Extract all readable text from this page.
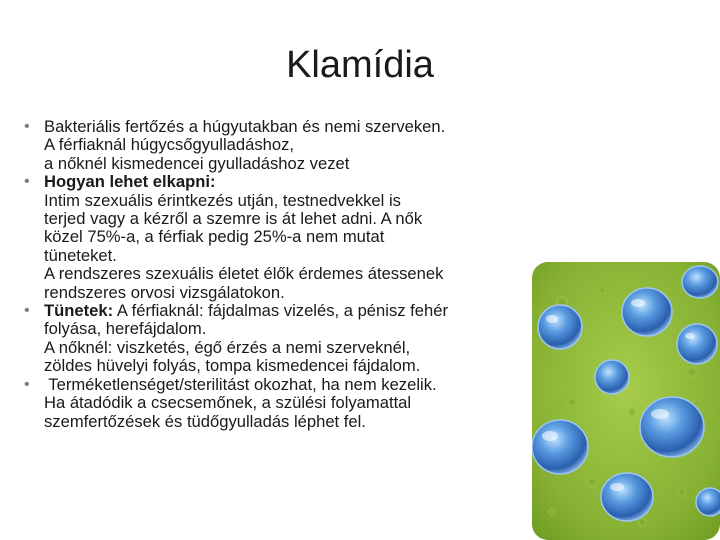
Klamídia
• Bakteriális fertőzés a húgyutakban és nemi szerveken.
A férfiaknál húgycsőgyulladáshoz,
a nőknél kismedencei gyulladáshoz vezet
• Hogyan lehet elkapni:
Intim szexuális érintkezés utján, testnedvekkel is
terjed vagy a kézről a szemre is át lehet adni. A nők
közel 75%-a, a férfiak pedig 25%-a nem mutat
tüneteket.
A rendszeres szexuális életet élők érdemes átessenek
rendszeres orvosi vizsgálatokon.
• Tünetek: A férfiaknál: fájdalmas vizelés, a pénisz fehér
folyása, herefájdalom.
A nőknél: viszketés, égő érzés a nemi szerveknél,
zöldes hüvelyi folyás, tompa kismedencei fájdalom.
• Terméketlenséget/sterilitást okozhat, ha nem kezelik.
Ha átadódik a csecsemőnek, a szülési folyamattal
szemfertőzések és tüdőgyulladás léphet fel.
